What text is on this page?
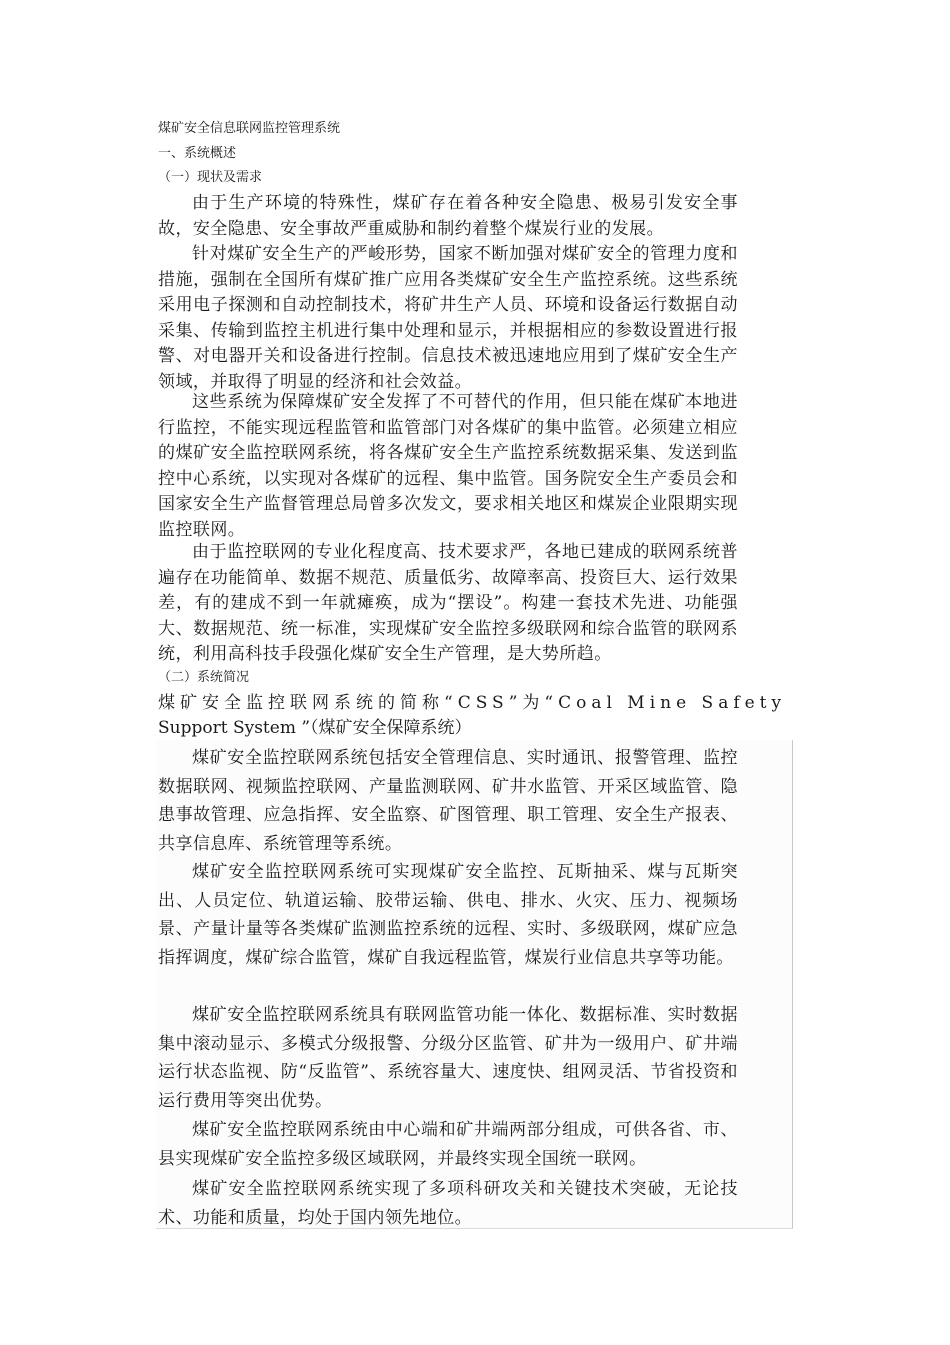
煤矿安全信息联网监控管理系统
一、系统概述
（一）现状及需求

由于生产环境的特殊性，煤矿存在着各种安全隐患、极易引发安全事故，安全隐患、安全事故严重威胁和制约着整个煤炭行业的发展。

针对煤矿安全生产的严峻形势，国家不断加强对煤矿安全的管理力度和措施，强制在全国所有煤矿推广应用各类煤矿安全生产监控系统。这些系统采用电子探测和自动控制技术，将矿井生产人员、环境和设备运行数据自动采集、传输到监控主机进行集中处理和显示，并根据相应的参数设置进行报警、对电器开关和设备进行控制。信息技术被迅速地应用到了煤矿安全生产领域，并取得了明显的经济和社会效益。

这些系统为保障煤矿安全发挥了不可替代的作用，但只能在煤矿本地进行监控，不能实现远程监管和监管部门对各煤矿的集中监管。必须建立相应的煤矿安全监控联网系统，将各煤矿安全生产监控系统数据采集、发送到监控中心系统，以实现对各煤矿的远程、集中监管。国务院安全生产委员会和国家安全生产监督管理总局曾多次发文，要求相关地区和煤炭企业限期实现监控联网。

由于监控联网的专业化程度高、技术要求严，各地已建成的联网系统普遍存在功能简单、数据不规范、质量低劣、故障率高、投资巨大、运行效果差，有的建成不到一年就瘫痪，成为“摆设”。构建一套技术先进、功能强大、数据规范、统一标准，实现煤矿安全监控多级联网和综合监管的联网系统，利用高科技手段强化煤矿安全生产管理，是大势所趋。

（二）系统简况

煤矿安全监控联网系统的简称“CSS”为“Coal Mine Safety
Support System ”（煤矿安全保障系统）

煤矿安全监控联网系统包括安全管理信息、实时通讯、报警管理、监控数据联网、视频监控联网、产量监测联网、矿井水监管、开采区域监管、隐患事故管理、应急指挥、安全监察、矿图管理、职工管理、安全生产报表、共享信息库、系统管理等系统。

煤矿安全监控联网系统可实现煤矿安全监控、瓦斯抽采、煤与瓦斯突出、人员定位、轨道运输、胶带运输、供电、排水、火灾、压力、视频场景、产量计量等各类煤矿监测监控系统的远程、实时、多级联网，煤矿应急指挥调度，煤矿综合监管，煤矿自我远程监管，煤炭行业信息共享等功能。

煤矿安全监控联网系统具有联网监管功能一体化、数据标准、实时数据集中滚动显示、多模式分级报警、分级分区监管、矿井为一级用户、矿井端运行状态监视、防“反监管”、系统容量大、速度快、组网灵活、节省投资和运行费用等突出优势。

煤矿安全监控联网系统由中心端和矿井端两部分组成，可供各省、市、县实现煤矿安全监控多级区域联网，并最终实现全国统一联网。

煤矿安全监控联网系统实现了多项科研攻关和关键技术突破，无论技术、功能和质量，均处于国内领先地位。
